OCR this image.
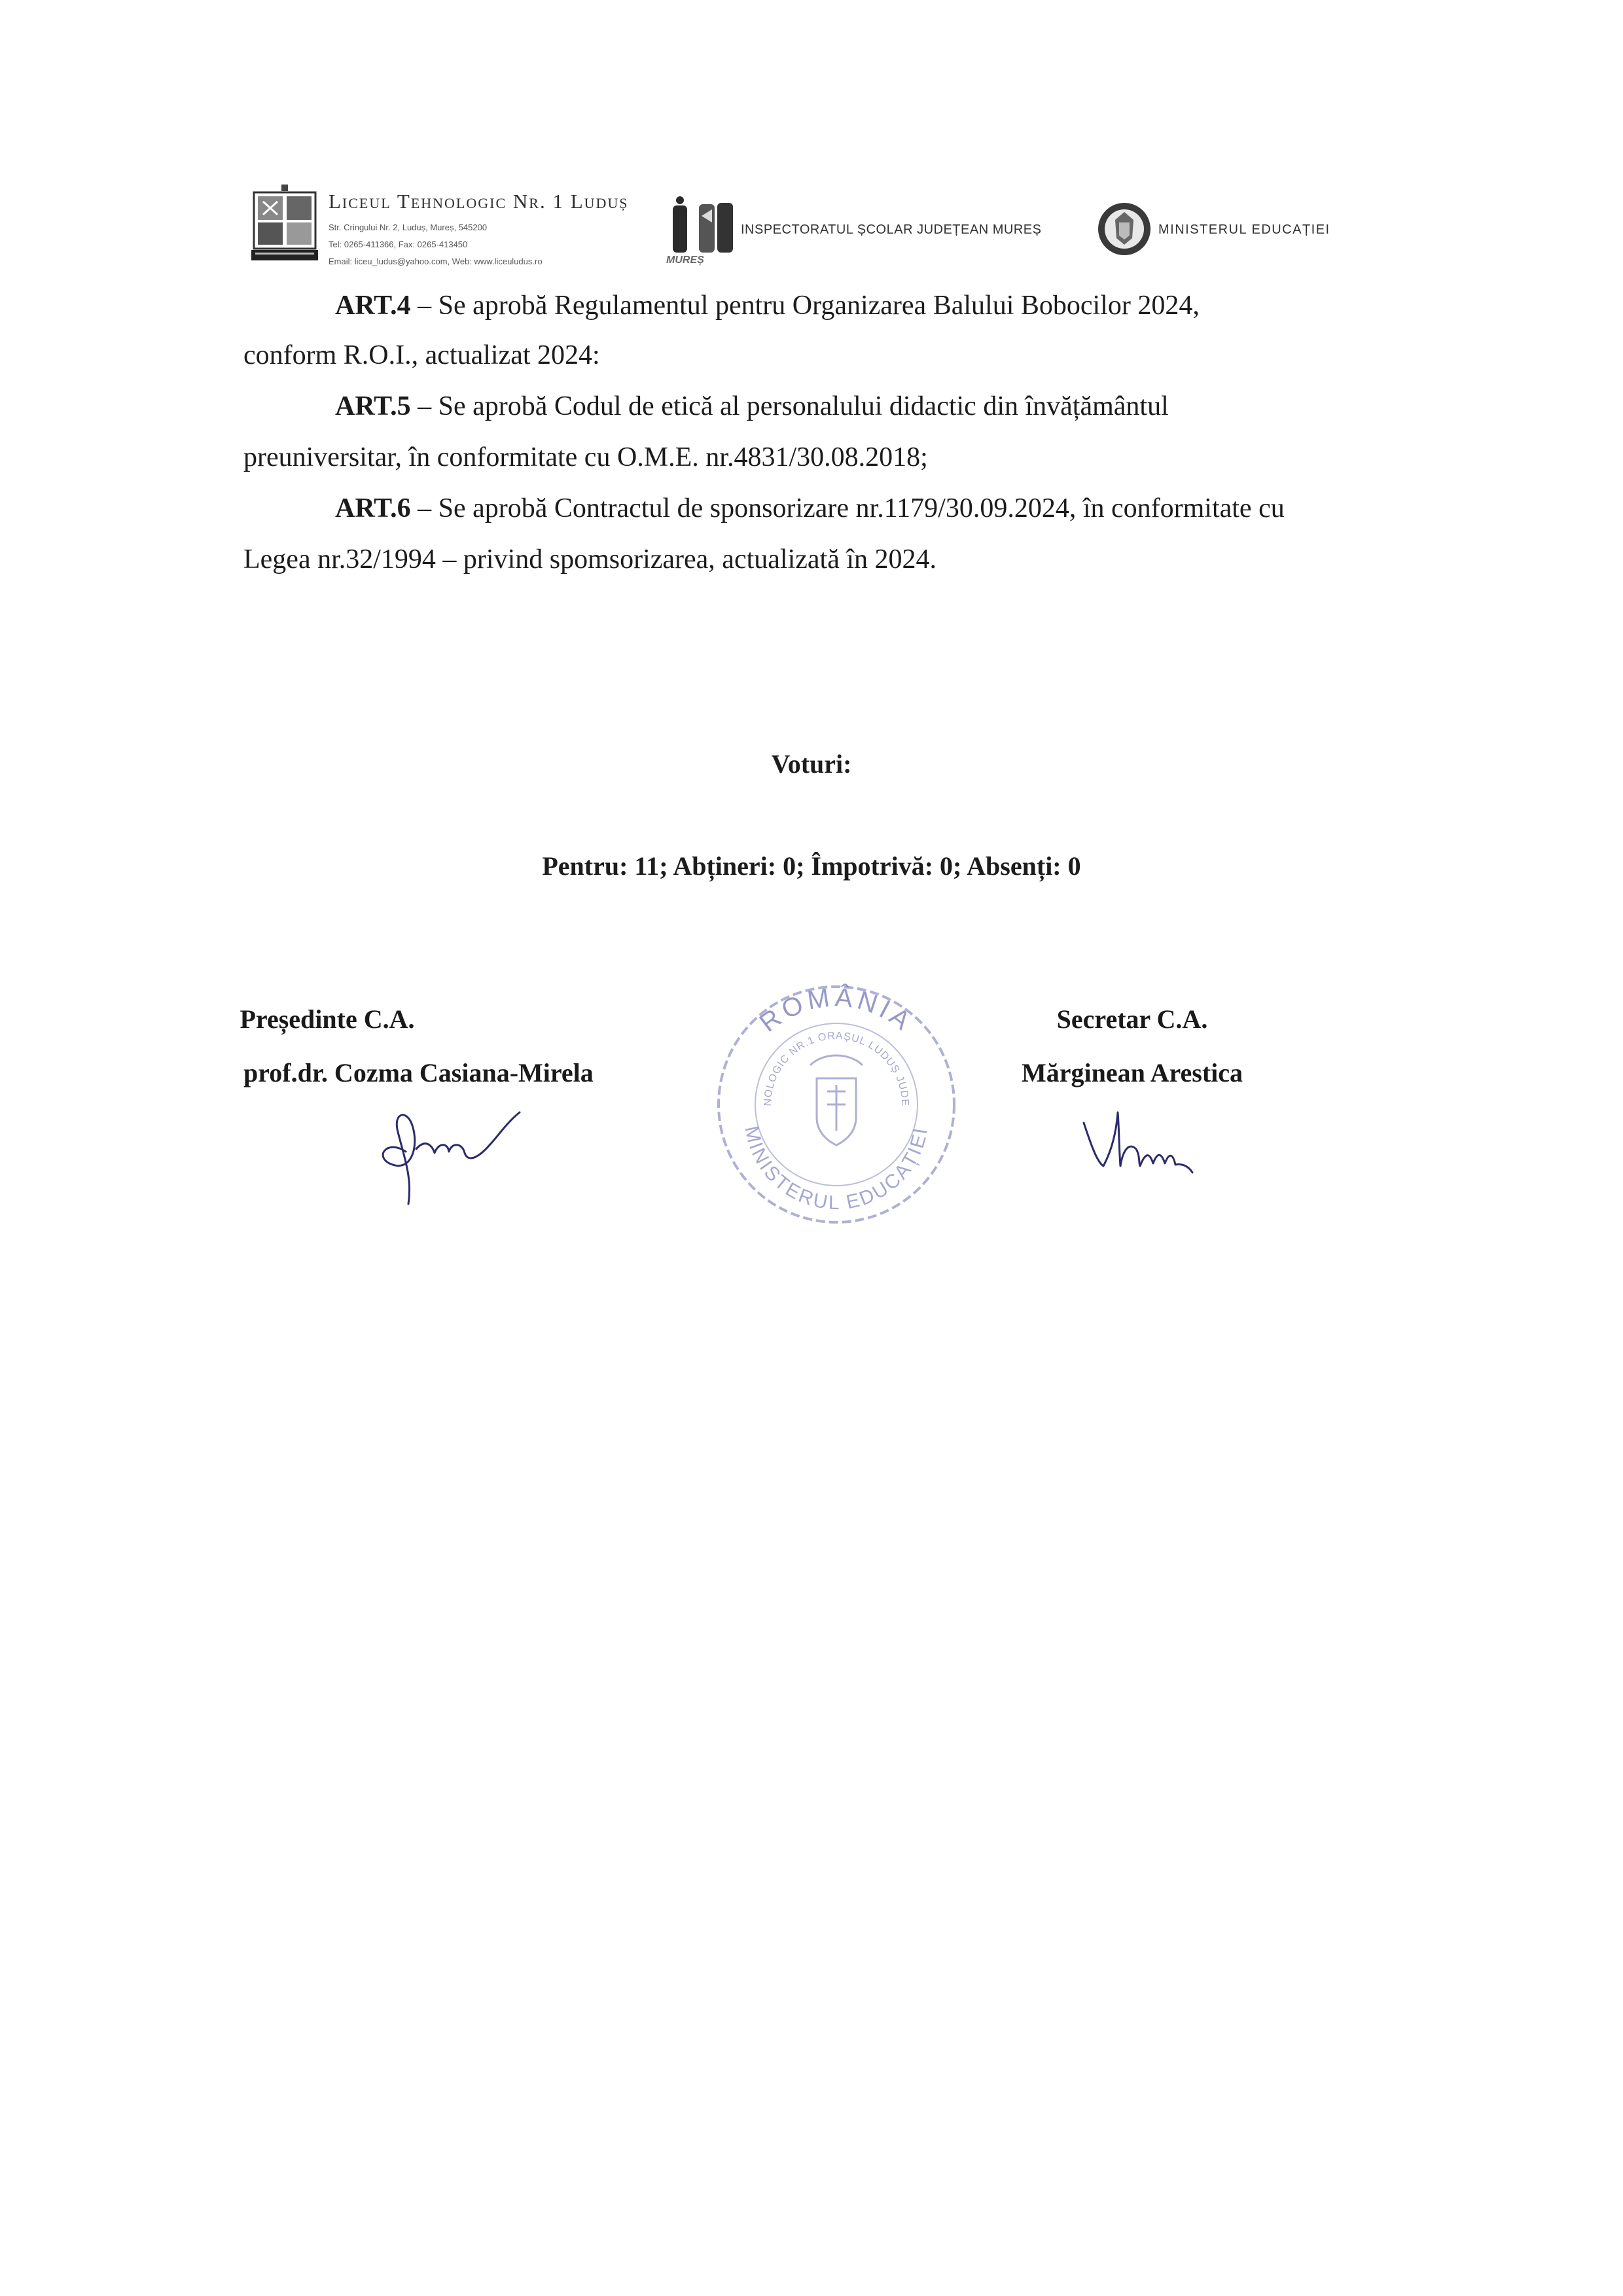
Liceul Tehnologic Nr. 1 Luduș
Str. Cringului Nr. 2, Luduș, Mureș, 545200
Tel: 0265-411366, Fax: 0265-413450
Email: liceu_ludus@yahoo.com, Web: www.liceuludus.ro	MUREȘ
INSPECTORATUL ȘCOLAR JUDEȚEAN MUREȘ	MINISTERUL EDUCAȚIEI
ART.4 – Se aprobă Regulamentul pentru Organizarea Balului Bobocilor 2024,
conform R.O.I., actualizat 2024:
ART.5 – Se aprobă Codul de etică al personalului didactic din învățământul
preuniversitar, în conformitate cu O.M.E. nr.4831/30.08.2018;
ART.6 – Se aprobă Contractul de sponsorizare nr.1179/30.09.2024, în conformitate cu
Legea nr.32/1994 – privind spomsorizarea, actualizată în 2024.
Voturi:
Pentru: 11; Abțineri: 0; Împotrivă: 0; Absenți: 0
Președinte C.A.
prof.dr. Cozma Casiana-Mirela
Secretar C.A.
Mărginean Arestica
ROMÂNIA
MINISTERUL EDUCAȚIEI
NOLOGIC NR.1 ORAȘUL LUDUȘ JUDE
